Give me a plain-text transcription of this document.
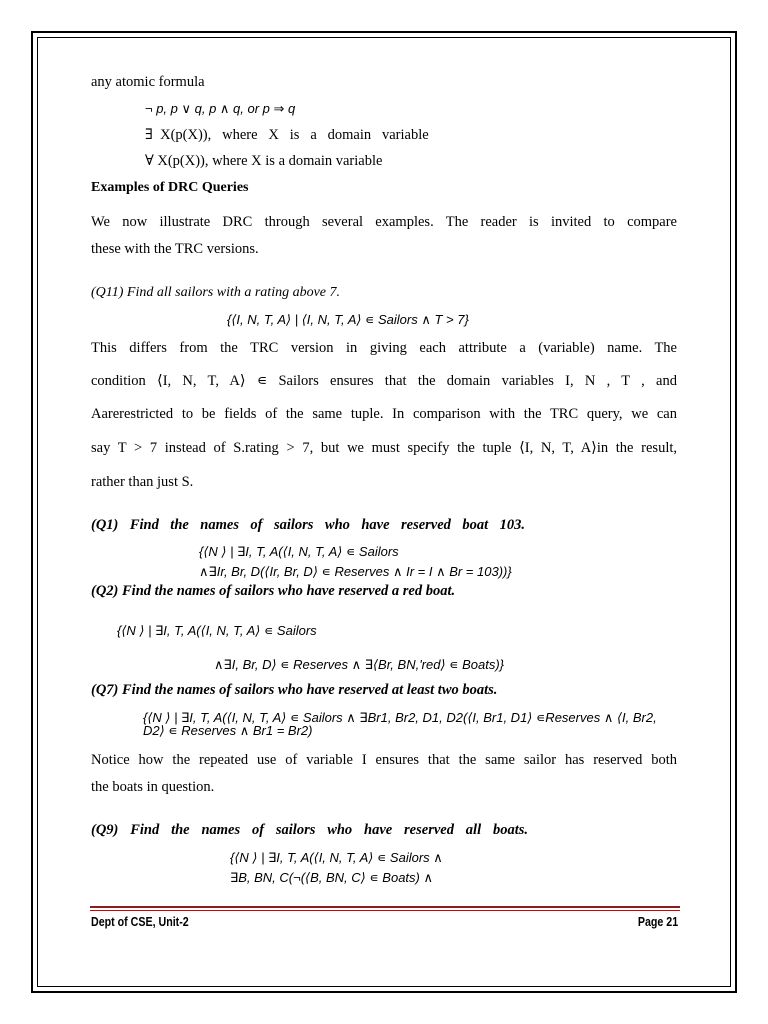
any atomic formula
¬ p, p ∨ q, p ∧ q, or p ⇒ q
∃  X(p(X)),   where   X   is   a   domain   variable
∀ X(p(X)), where X is a domain variable
Examples of DRC Queries
We now illustrate DRC through several examples. The reader is invited to compare
these with the TRC versions.
(Q11) Find all sailors with a rating above 7.
{⟨I, N, T, A⟩ | ⟨I, N, T, A⟩ ∊ Sailors ∧ T > 7}
This differs from the TRC version in giving each attribute a (variable) name. The
condition ⟨I, N, T, A⟩ ∊ Sailors ensures that the domain variables I, N , T , and
Aarerestricted to be fields of the same tuple. In comparison with the TRC query, we can
say T > 7 instead of S.rating > 7, but we must specify the tuple ⟨I, N, T, A⟩in the result,
rather than just S.
(Q1) Find the names of sailors who have reserved boat 103.
{⟨N ⟩ | ∃I, T, A(⟨I, N, T, A⟩ ∊ Sailors
∧∃Ir, Br, D(⟨Ir, Br, D⟩ ∊ Reserves ∧ Ir = I ∧ Br = 103))}
(Q2) Find the names of sailors who have reserved a red boat.
{⟨N ⟩ | ∃I, T, A(⟨I, N, T, A⟩ ∊ Sailors
∧∃I, Br, D⟩ ∊ Reserves ∧ ∃⟨Br, BN,'red⟩ ∊ Boats)}
(Q7) Find the names of sailors who have reserved at least two boats.
{⟨N ⟩ | ∃I, T, A(⟨I, N, T, A⟩ ∊ Sailors ∧ ∃Br1, Br2, D1, D2(⟨I, Br1, D1⟩ ∊Reserves ∧ ⟨I, Br2,
D2⟩ ∊ Reserves ∧ Br1 = Br2)
Notice how the repeated use of variable I ensures that the same sailor has reserved both
the boats in question.
(Q9) Find the names of sailors who have reserved all boats.
{⟨N ⟩ | ∃I, T, A(⟨I, N, T, A⟩ ∊ Sailors ∧
∃B, BN, C(¬(⟨B, BN, C⟩ ∊ Boats) ∧
Dept of CSE, Unit-2	Page 21
